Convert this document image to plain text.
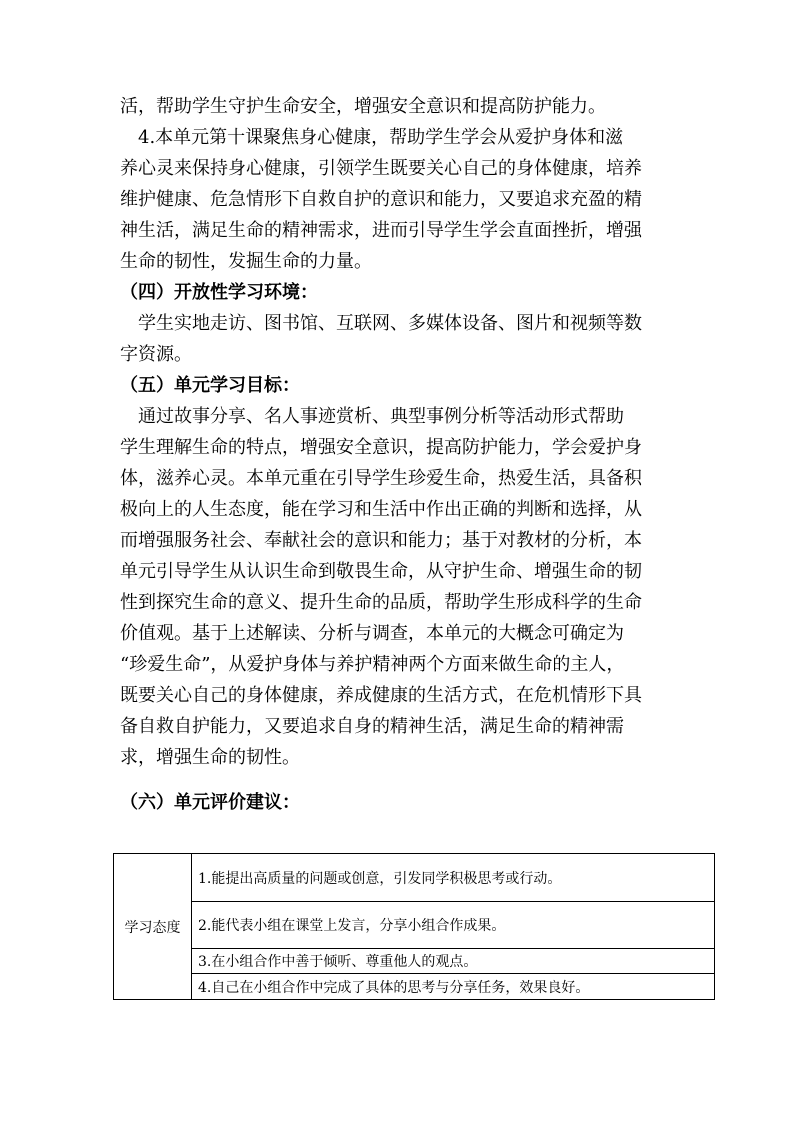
活，帮助学生守护生命安全，增强安全意识和提高防护能力。
　4.本单元第十课聚焦身心健康，帮助学生学会从爱护身体和滋
养心灵来保持身心健康，引领学生既要关心自己的身体健康，培养
维护健康、危急情形下自救自护的意识和能力，又要追求充盈的精
神生活，满足生命的精神需求，进而引导学生学会直面挫折，增强
生命的韧性，发掘生命的力量。
（四）开放性学习环境：
　学生实地走访、图书馆、互联网、多媒体设备、图片和视频等数
字资源。
（五）单元学习目标：
　通过故事分享、名人事迹赏析、典型事例分析等活动形式帮助
学生理解生命的特点，增强安全意识，提高防护能力，学会爱护身
体，滋养心灵。本单元重在引导学生珍爱生命，热爱生活，具备积
极向上的人生态度，能在学习和生活中作出正确的判断和选择，从
而增强服务社会、奉献社会的意识和能力；基于对教材的分析，本
单元引导学生从认识生命到敬畏生命，从守护生命、增强生命的韧
性到探究生命的意义、提升生命的品质，帮助学生形成科学的生命
价值观。基于上述解读、分析与调查，本单元的大概念可确定为
“珍爱生命”，从爱护身体与养护精神两个方面来做生命的主人，
既要关心自己的身体健康，养成健康的生活方式，在危机情形下具
备自救自护能力，又要追求自身的精神生活，满足生命的精神需
求，增强生命的韧性。
（六）单元评价建议：
学习态度	1.能提出高质量的问题或创意，引发同学积极思考或行动。
2.能代表小组在课堂上发言，分享小组合作成果。
3.在小组合作中善于倾听、尊重他人的观点。
4.自己在小组合作中完成了具体的思考与分享任务，效果良好。
